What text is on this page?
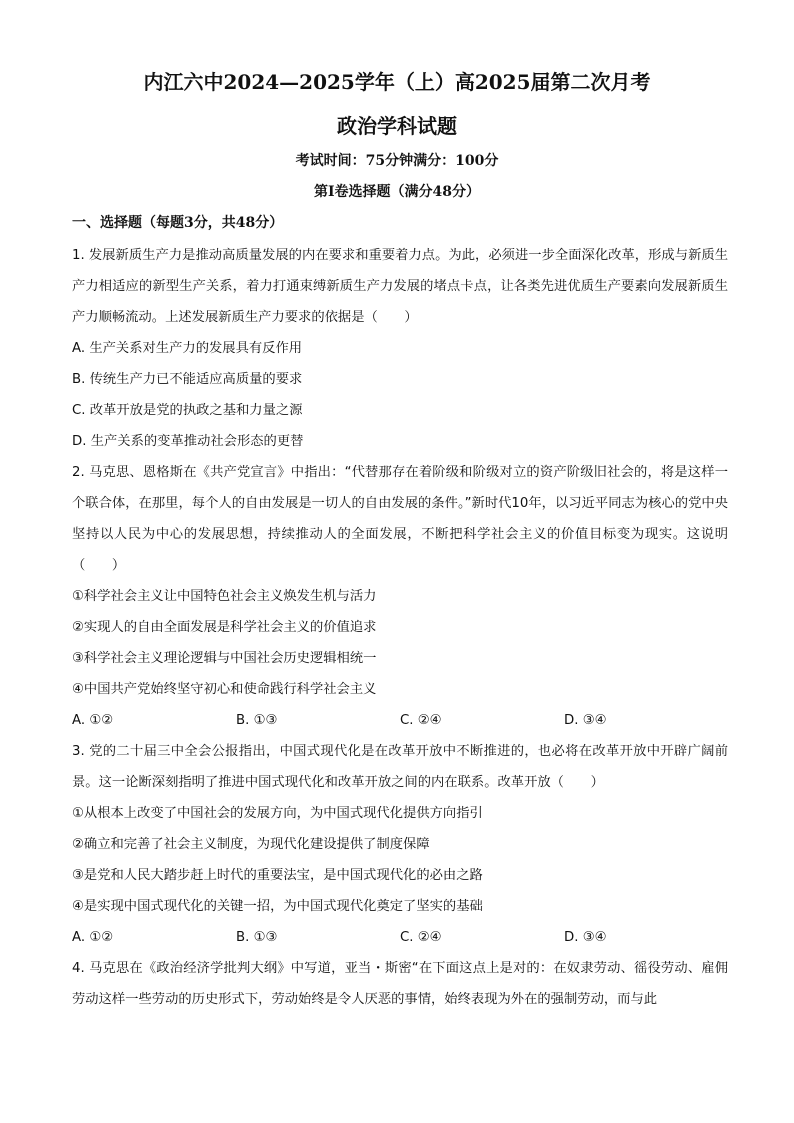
内江六中2024—2025学年（上）高2025届第二次月考
政治学科试题
考试时间：75分钟满分：100分
第Ⅰ卷选择题（满分48分）
一、选择题（每题3分，共48分）

1. 发展新质生产力是推动高质量发展的内在要求和重要着力点。为此，必须进一步全面深化改革，形成与新质生产力相适应的新型生产关系，着力打通束缚新质生产力发展的堵点卡点，让各类先进优质生产要素向发展新质生产力顺畅流动。上述发展新质生产力要求的依据是（　　）

A. 生产关系对生产力的发展具有反作用

B. 传统生产力已不能适应高质量的要求

C. 改革开放是党的执政之基和力量之源

D. 生产关系的变革推动社会形态的更替

2. 马克思、恩格斯在《共产党宣言》中指出：“代替那存在着阶级和阶级对立的资产阶级旧社会的，将是这样一个联合体，在那里，每个人的自由发展是一切人的自由发展的条件。”新时代10年，以习近平同志为核心的党中央坚持以人民为中心的发展思想，持续推动人的全面发展，不断把科学社会主义的价值目标变为现实。这说明（　　）

①科学社会主义让中国特色社会主义焕发生机与活力

②实现人的自由全面发展是科学社会主义的价值追求

③科学社会主义理论逻辑与中国社会历史逻辑相统一

④中国共产党始终坚守初心和使命践行科学社会主义

A. ①②	B. ①③	C. ②④	D. ③④

3. 党的二十届三中全会公报指出，中国式现代化是在改革开放中不断推进的，也必将在改革开放中开辟广阔前景。这一论断深刻指明了推进中国式现代化和改革开放之间的内在联系。改革开放（　　）

①从根本上改变了中国社会的发展方向，为中国式现代化提供方向指引

②确立和完善了社会主义制度，为现代化建设提供了制度保障

③是党和人民大踏步赶上时代的重要法宝，是中国式现代化的必由之路

④是实现中国式现代化的关键一招，为中国式现代化奠定了坚实的基础

A. ①②	B. ①③	C. ②④	D. ③④

4. 马克思在《政治经济学批判大纲》中写道，亚当・斯密“在下面这点上是对的：在奴隶劳动、徭役劳动、雇佣劳动这样一些劳动的历史形式下，劳动始终是令人厌恶的事情，始终表现为外在的强制劳动，而与此
